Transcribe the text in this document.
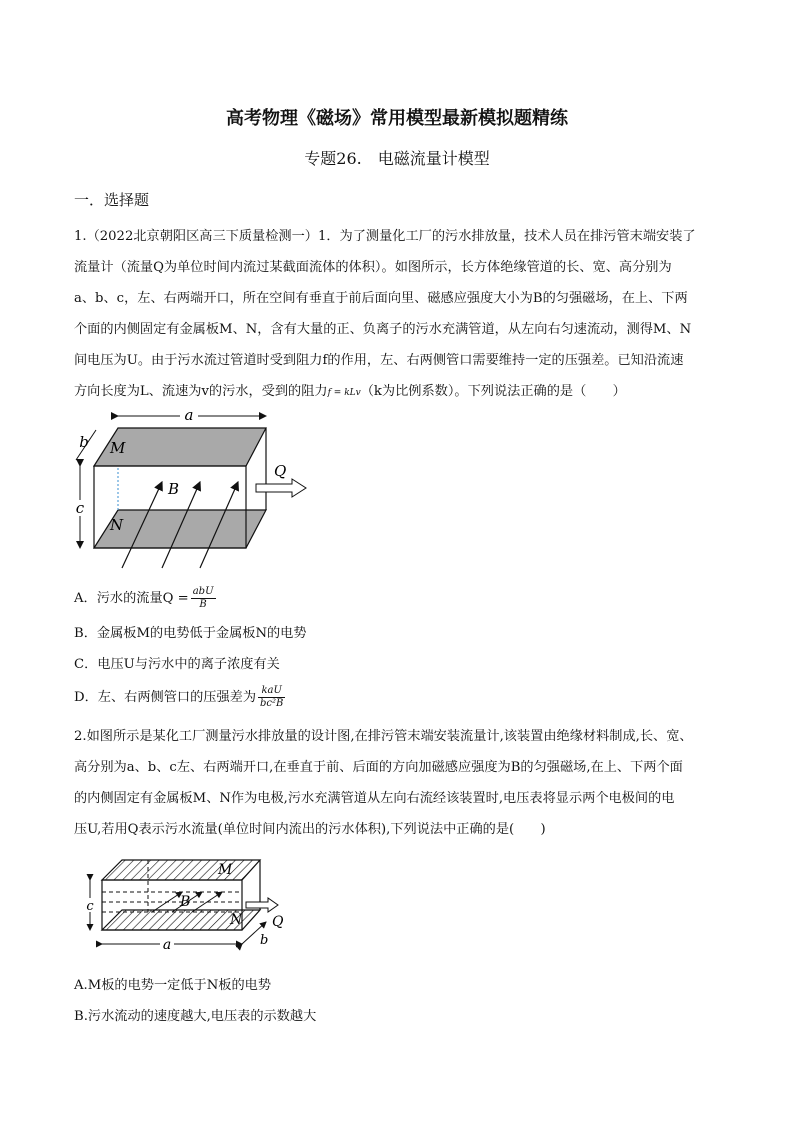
高考物理《磁场》常用模型最新模拟题精练
专题26.　电磁流量计模型
一．选择题
1.（2022北京朝阳区高三下质量检测一）1．为了测量化工厂的污水排放量，技术人员在排污管末端安装了
流量计（流量Q为单位时间内流过某截面流体的体积）。如图所示，长方体绝缘管道的长、宽、高分别为
a、b、c，左、右两端开口，所在空间有垂直于前后面向里、磁感应强度大小为B的匀强磁场，在上、下两
个面的内侧固定有金属板M、N，含有大量的正、负离子的污水充满管道，从左向右匀速流动，测得M、N
间电压为U。由于污水流过管道时受到阻力f的作用，左、右两侧管口需要维持一定的压强差。已知沿流速
方向长度为L、流速为v的污水，受到的阻力f = kLv（k为比例系数）。下列说法正确的是（　　）
a
b
c
M
N
B
Q
A．污水的流量$Q = \frac{\text{abU}}{B}$
B．金属板M的电势低于金属板N的电势
C．电压U与污水中的离子浓度有关
D．左、右两侧管口的压强差为 $\frac{\text{kaU}}{\text{bc²B}}$
2.如图所示是某化工厂测量污水排放量的设计图,在排污管末端安装流量计,该装置由绝缘材料制成,长、宽、
高分别为a、b、c左、右两端开口,在垂直于前、后面的方向加磁感应强度为B的匀强磁场,在上、下两个面
的内侧固定有金属板M、N作为电极,污水充满管道从左向右流经该装置时,电压表将显示两个电极间的电
压U,若用Q表示污水流量(单位时间内流出的污水体积),下列说法中正确的是(　　)
B
M
N
c
a	b
Q
A.M板的电势一定低于N板的电势
B.污水流动的速度越大,电压表的示数越大
